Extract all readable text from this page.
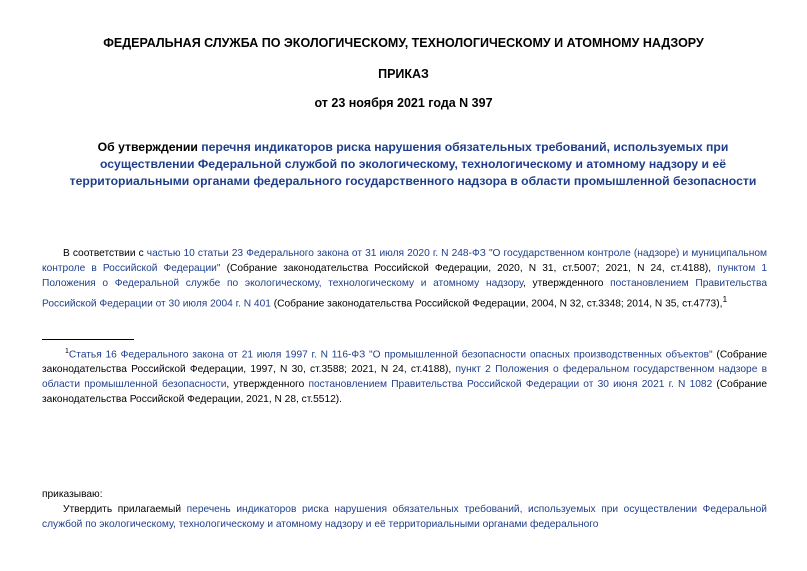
ФЕДЕРАЛЬНАЯ СЛУЖБА ПО ЭКОЛОГИЧЕСКОМУ, ТЕХНОЛОГИЧЕСКОМУ И АТОМНОМУ НАДЗОРУ
ПРИКАЗ
от 23 ноября 2021 года N 397
Об утверждении перечня индикаторов риска нарушения обязательных требований, используемых при осуществлении Федеральной службой по экологическому, технологическому и атомному надзору и её территориальными органами федерального государственного надзора в области промышленной безопасности
В соответствии с частью 10 статьи 23 Федерального закона от 31 июля 2020 г. N 248-ФЗ "О государственном контроле (надзоре) и муниципальном контроле в Российской Федерации" (Собрание законодательства Российской Федерации, 2020, N 31, ст.5007; 2021, N 24, ст.4188), пунктом 1 Положения о Федеральной службе по экологическому, технологическому и атомному надзору, утвержденного постановлением Правительства Российской Федерации от 30 июля 2004 г. N 401 (Собрание законодательства Российской Федерации, 2004, N 32, ст.3348; 2014, N 35, ст.4773),$^1$
$^1$Статья 16 Федерального закона от 21 июля 1997 г. N 116-ФЗ "О промышленной безопасности опасных производственных объектов" (Собрание законодательства Российской Федерации, 1997, N 30, ст.3588; 2021, N 24, ст.4188), пункт 2 Положения о федеральном государственном надзоре в области промышленной безопасности, утвержденного постановлением Правительства Российской Федерации от 30 июня 2021 г. N 1082 (Собрание законодательства Российской Федерации, 2021, N 28, ст.5512).
приказываю:
Утвердить прилагаемый перечень индикаторов риска нарушения обязательных требований, используемых при осуществлении Федеральной службой по экологическому, технологическому и атомному надзору и её территориальными органами федерального
